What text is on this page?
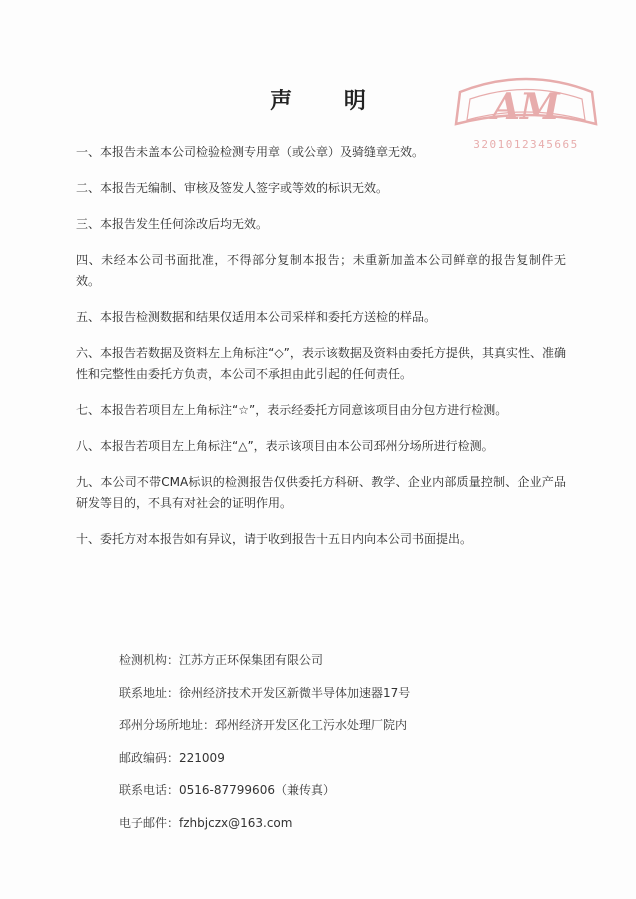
声 明	AM
3201012345665
一、本报告未盖本公司检验检测专用章（或公章）及骑缝章无效。
二、本报告无编制、审核及签发人签字或等效的标识无效。
三、本报告发生任何涂改后均无效。
四、未经本公司书面批准，不得部分复制本报告；未重新加盖本公司鲜章的报告复制件无效。
五、本报告检测数据和结果仅适用本公司采样和委托方送检的样品。
六、本报告若数据及资料左上角标注“◇”，表示该数据及资料由委托方提供，其真实性、准确性和完整性由委托方负责，本公司不承担由此引起的任何责任。
七、本报告若项目左上角标注“☆”，表示经委托方同意该项目由分包方进行检测。
八、本报告若项目左上角标注“△”，表示该项目由本公司邳州分场所进行检测。
九、本公司不带CMA标识的检测报告仅供委托方科研、教学、企业内部质量控制、企业产品研发等目的，不具有对社会的证明作用。
十、委托方对本报告如有异议，请于收到报告十五日内向本公司书面提出。
检测机构：江苏方正环保集团有限公司
联系地址：徐州经济技术开发区新微半导体加速器17号
邳州分场所地址：邳州经济开发区化工污水处理厂院内
邮政编码：221009
联系电话：0516-87799606（兼传真）
电子邮件：fzhbjczx@163.com
